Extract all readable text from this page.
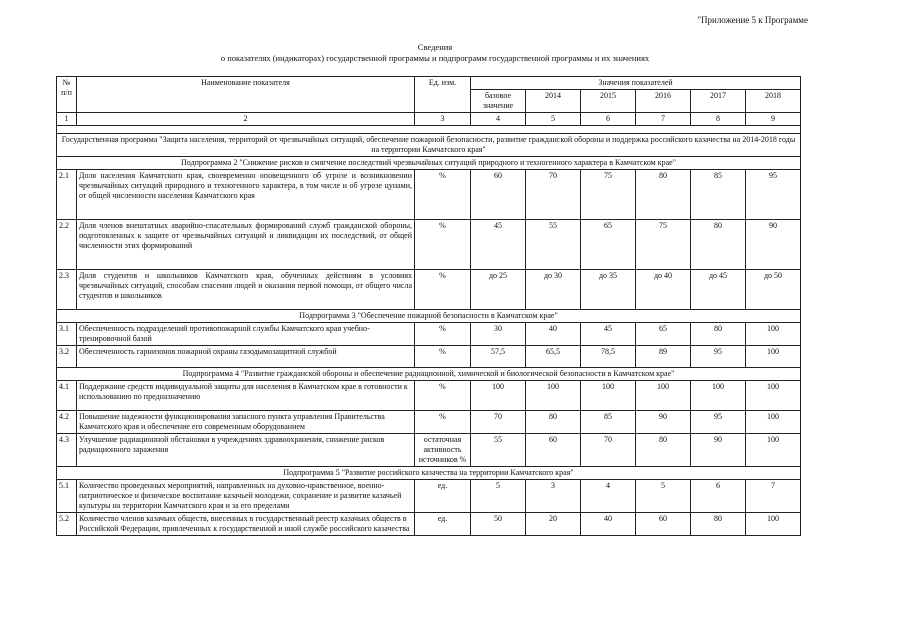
"Приложение 5 к Программе
Сведения
о показателях (индикаторах) государственной программы и подпрограмм государственной программы и их значениях
№ п/п	Наименование показателя	Ед. изм.	Значения показателей					
			базовое значение	2014	2015	2016	2017	2018
1	2	3	4	5	6	7	8	9

Государственная программа "Защита населения, территорий от чрезвычайных ситуаций, обеспечение пожарной безопасности, развитие гражданской обороны и поддержка российского казачества на 2014-2018 годы на территории Камчатского края"								
Подпрограмма 2 "Снижение рисков и смягчение последствий чрезвычайных ситуаций природного и техногенного характера в Камчатском крае"								
2.1	Доля населения Камчатского края, своевременно оповещенного об угрозе и возникновении чрезвычайных ситуаций природного и техногенного характера, в том числе и об угрозе цунами, от общей численности населения Камчатского края	%	60	70	75	80	85	95
2.2	Доля членов внештатных аварийно-спасательных формирований служб гражданской обороны, подготовленных к защите от чрезвычайных ситуаций и ликвидации их последствий, от общей численности этих формирований	%	45	55	65	75	80	90
2.3	Доля студентов и школьников Камчатского края, обученных действиям в условиях чрезвычайных ситуаций, способам спасения людей и оказания первой помощи, от общего числа студентов и школьников	%	до 25	до 30	до 35	до 40	до 45	до 50
Подпрограмма 3 "Обеспечение пожарной безопасности в Камчатском крае"								
3.1	Обеспеченность подразделений противопожарной службы Камчатского края учебно-тренировочной базой	%	30	40	45	65	80	100
3.2	Обеспеченность гарнизонов пожарной охраны газодымозащитной службой	%	57,5	65,5	78,5	89	95	100
Подпрограмма 4 "Развитие гражданской обороны и обеспечение радиационной, химической и биологической безопасности в Камчатском крае"								
4.1	Поддержание средств индивидуальной защиты для населения в Камчатском крае в готовности к использованию по предназначению	%	100	100	100	100	100	100
4.2	Повышение надежности функционирования запасного пункта управления Правительства Камчатского края и обеспечение его современным оборудованием	%	70	80	85	90	95	100
4.3	Улучшение радиационной обстановки в учреждениях здравоохранения, снижение рисков радиационного заражения	остаточная активность источников %	55	60	70	80	90	100
Подпрограмма 5 "Развитие российского казачества на территории Камчатского края"								
5.1	Количество проведенных мероприятий, направленных на духовно-нравственное, военно-патриотическое и физическое воспитание казачьей молодежи, сохранение и развитие казачьей культуры на территории Камчатского края и за его пределами	ед.	5	3	4	5	6	7
5.2	Количество членов казачьих обществ, внесенных в государственный реестр казачьих обществ в Российской Федерации, привлеченных к государственной и иной службе российского казачества	ед.	50	20	40	60	80	100
